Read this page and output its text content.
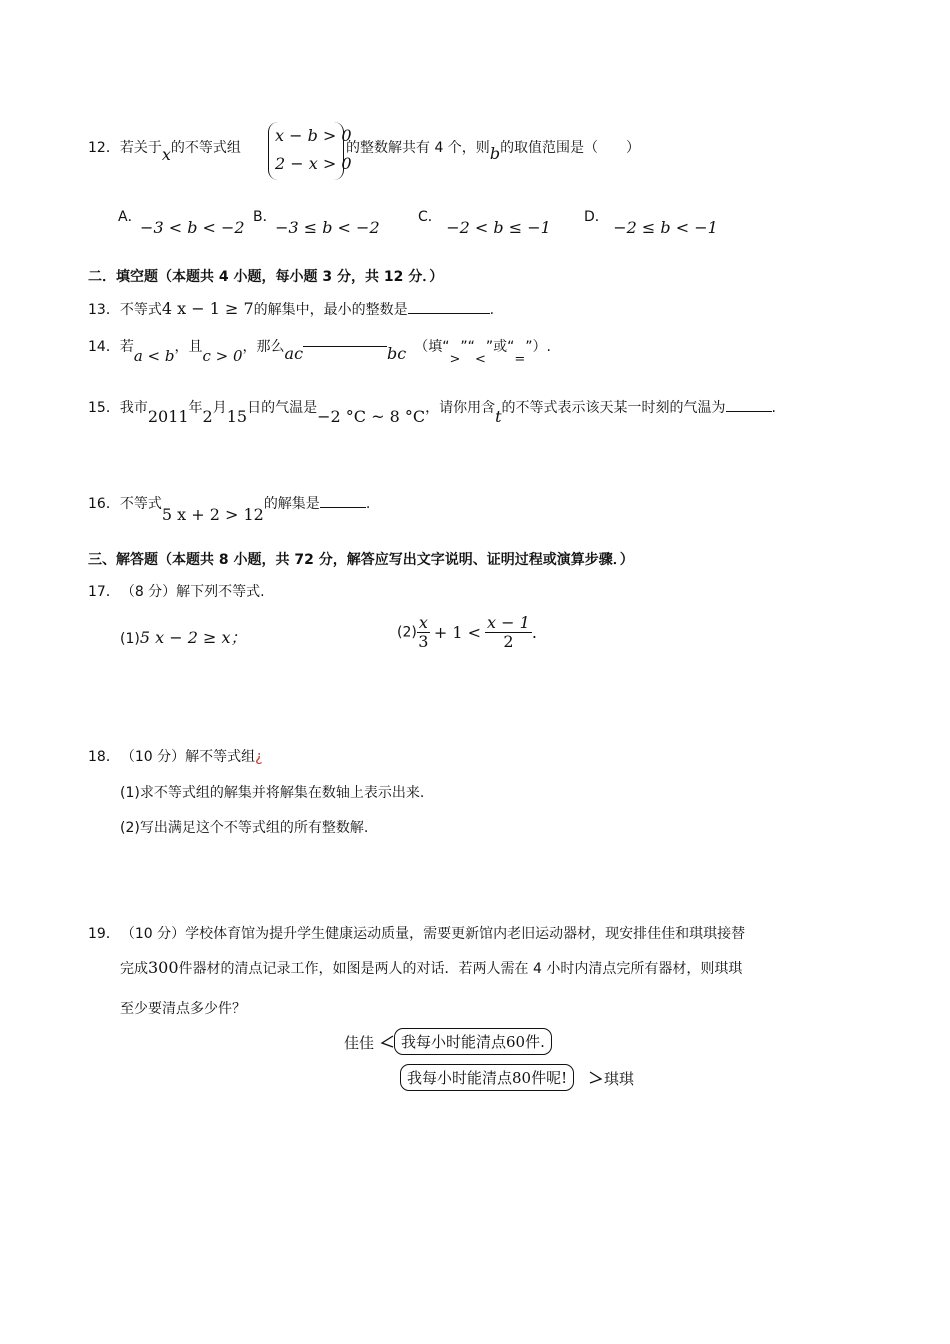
12．若关于x的不等式组
x − b > 0
2 − x > 0
的整数解共有 4 个，则b的取值范围是（　　）
A． −3 < b < −2
B． −3 ≤ b < −2
C． −2 < b ≤ −1
D． −2 ≤ b < −1
二．填空题（本题共 4 小题，每小题 3 分，共 12 分．）
13．不等式4 x − 1 ≥ 7的解集中，最小的整数是	.
14．若a < b，且c > 0，那么ac	bc （填“>”“<”或“=”）.
15．我市2011年2月15日的气温是−2 °C ~ 8 °C，请你用含t的不等式表示该天某一时刻的气温为	.
16．不等式5 x + 2 > 12的解集是	.
三、解答题（本题共 8 小题，共 72 分，解答应写出文字说明、证明过程或演算步骤．）
17． （8 分）解下列不等式.
(1)5 x − 2 ≥ x；	$(2) \frac{x}{3} + 1 < \frac{x - 1}{2}$ .
18． （10 分）解不等式组¿
(1)求不等式组的解集并将解集在数轴上表示出来.
(2)写出满足这个不等式组的所有整数解.
19． （10 分）学校体育馆为提升学生健康运动质量，需要更新馆内老旧运动器材，现安排佳佳和琪琪接替
完成300件器材的清点记录工作，如图是两人的对话．若两人需在 4 小时内清点完所有器材，则琪琪
至少要清点多少件？
佳佳	我每小时能清点60件.
我每小时能清点80件呢!	琪琪
